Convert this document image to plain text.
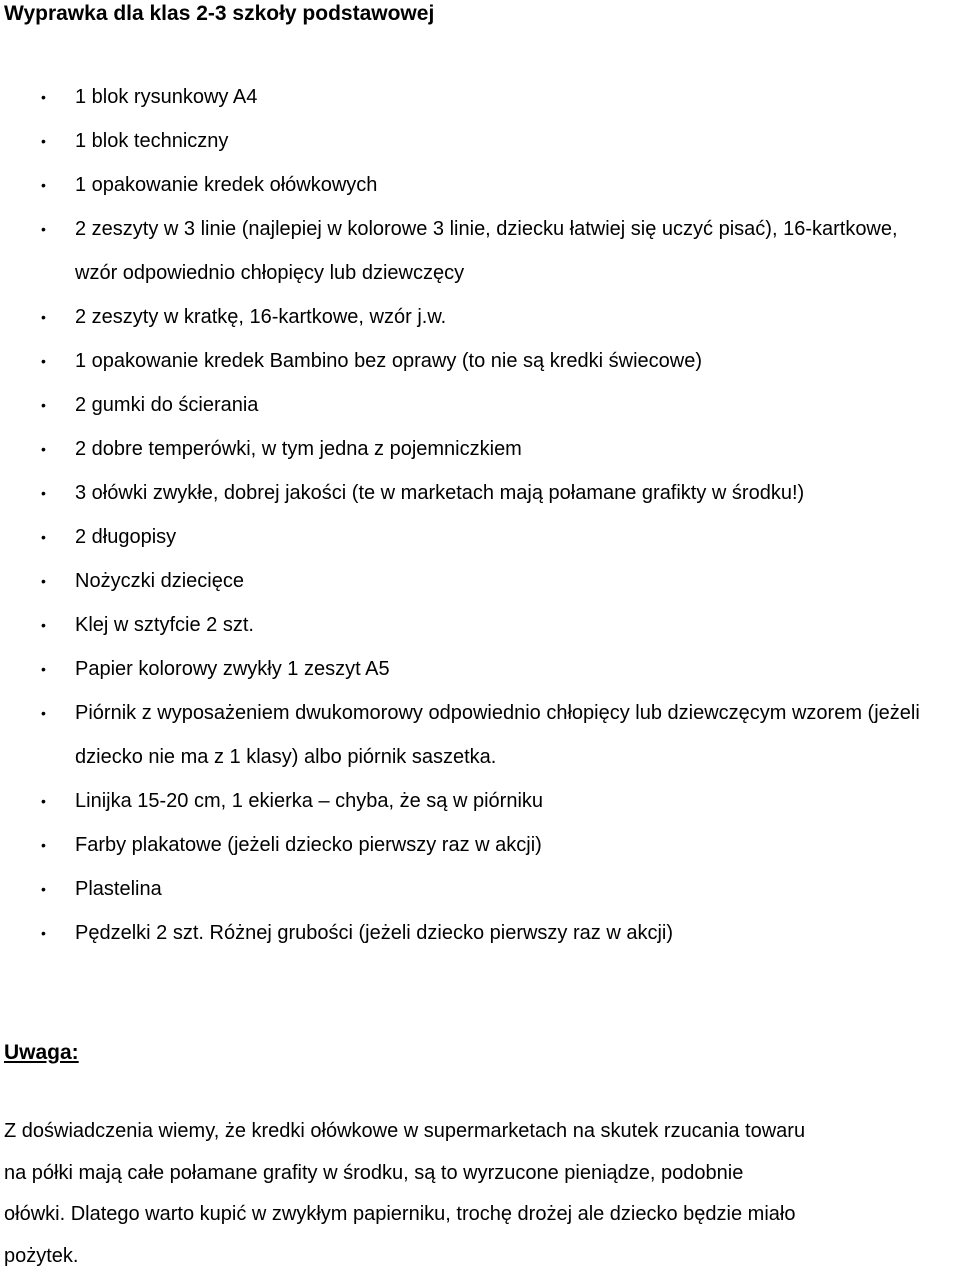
Wyprawka dla klas 2-3 szkoły podstawowej
• 1 blok rysunkowy A4
• 1 blok techniczny
• 1 opakowanie kredek ołówkowych
• 2 zeszyty w 3 linie (najlepiej w kolorowe 3 linie, dziecku łatwiej się uczyć pisać), 16-kartkowe, wzór odpowiednio chłopięcy lub dziewczęcy
• 2 zeszyty w kratkę, 16-kartkowe, wzór j.w.
• 1 opakowanie kredek Bambino bez oprawy (to nie są kredki świecowe)
• 2 gumki do ścierania
• 2 dobre temperówki, w tym jedna z pojemniczkiem
• 3 ołówki zwykłe, dobrej jakości (te w marketach mają połamane grafikty w środku!)
• 2 długopisy
• Nożyczki dziecięce
• Klej w sztyfcie 2 szt.
• Papier kolorowy zwykły 1 zeszyt A5
• Piórnik z wyposażeniem dwukomorowy odpowiednio chłopięcy lub dziewczęcym wzorem (jeżeli dziecko nie ma z 1 klasy) albo piórnik saszetka.
• Linijka 15-20 cm, 1 ekierka – chyba, że są w piórniku
• Farby plakatowe (jeżeli dziecko pierwszy raz w akcji)
• Plastelina
• Pędzelki 2 szt. Różnej grubości (jeżeli dziecko pierwszy raz w akcji)
Uwaga:
Z doświadczenia wiemy, że kredki ołówkowe w supermarketach na skutek rzucania towaru
na półki mają całe połamane grafity w środku, są to wyrzucone pieniądze, podobnie
ołówki. Dlatego warto kupić w zwykłym papierniku, trochę drożej ale dziecko będzie miało
pożytek.
